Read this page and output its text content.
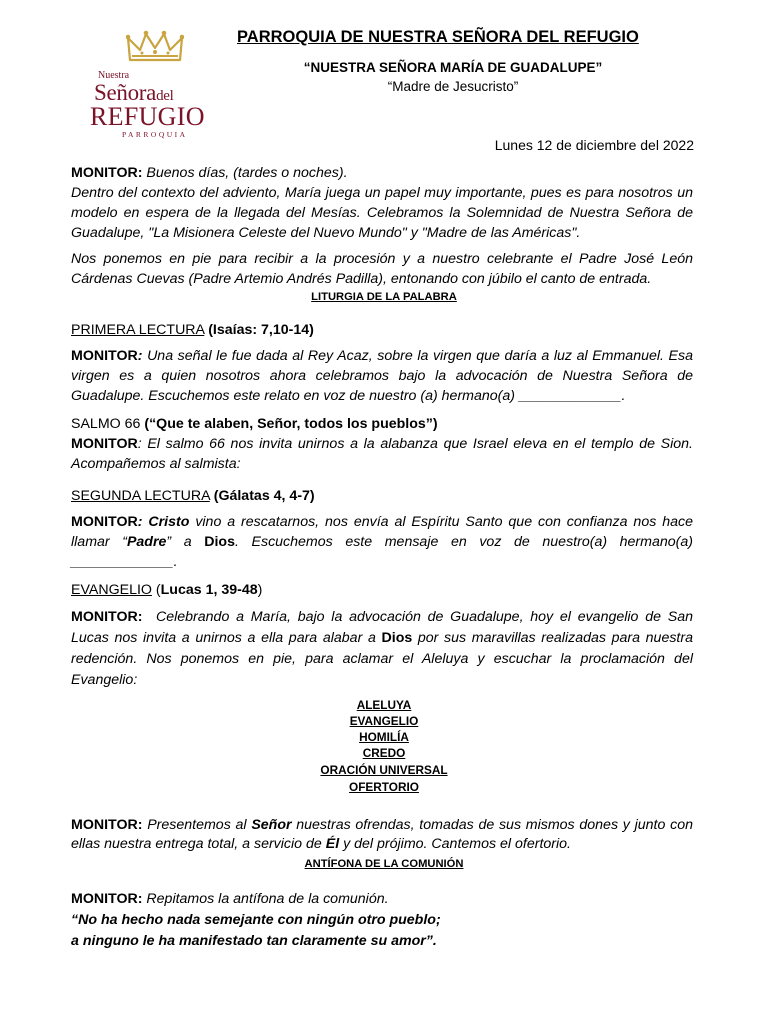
Nuestra
Señoradel
REFUGIO
PARROQUIA
PARROQUIA DE NUESTRA SEÑORA DEL REFUGIO
“NUESTRA SEÑORA MARÍA DE GUADALUPE”
“Madre de Jesucristo”
Lunes 12 de diciembre del 2022
MONITOR: Buenos días, (tardes o noches).
Dentro del contexto del adviento, María juega un papel muy importante, pues es para nosotros un modelo en espera de la llegada del Mesías. Celebramos la Solemnidad de Nuestra Señora de Guadalupe, "La Misionera Celeste del Nuevo Mundo" y "Madre de las Américas".
Nos ponemos en pie para recibir a la procesión y a nuestro celebrante el Padre José León Cárdenas Cuevas (Padre Artemio Andrés Padilla), entonando con júbilo el canto de entrada.
LITURGIA DE LA PALABRA
PRIMERA LECTURA (Isaías: 7,10-14)
MONITOR: Una señal le fue dada al Rey Acaz, sobre la virgen que daría a luz al Emmanuel. Esa virgen es a quien nosotros ahora celebramos bajo la advocación de Nuestra Señora de Guadalupe. Escuchemos este relato en voz de nuestro (a) hermano(a) _____________.
SALMO 66 (“Que te alaben, Señor, todos los pueblos”)
MONITOR: El salmo 66 nos invita unirnos a la alabanza que Israel eleva en el templo de Sion. Acompañemos al salmista:
SEGUNDA LECTURA (Gálatas 4, 4-7)
MONITOR: Cristo vino a rescatarnos, nos envía al Espíritu Santo que con confianza nos hace llamar “Padre” a Dios. Escuchemos este mensaje en voz de nuestro(a) hermano(a) _____________.
EVANGELIO (Lucas 1, 39-48)
MONITOR: Celebrando a María, bajo la advocación de Guadalupe, hoy el evangelio de San Lucas nos invita a unirnos a ella para alabar a Dios por sus maravillas realizadas para nuestra redención. Nos ponemos en pie, para aclamar el Aleluya y escuchar la proclamación del Evangelio:
ALELUYA
EVANGELIO
HOMILÍA
CREDO
ORACIÓN UNIVERSAL
OFERTORIO
MONITOR: Presentemos al Señor nuestras ofrendas, tomadas de sus mismos dones y junto con ellas nuestra entrega total, a servicio de Él y del prójimo. Cantemos el ofertorio.
ANTÍFONA DE LA COMUNIÓN
MONITOR: Repitamos la antífona de la comunión.
“No ha hecho nada semejante con ningún otro pueblo;
a ninguno le ha manifestado tan claramente su amor”.
